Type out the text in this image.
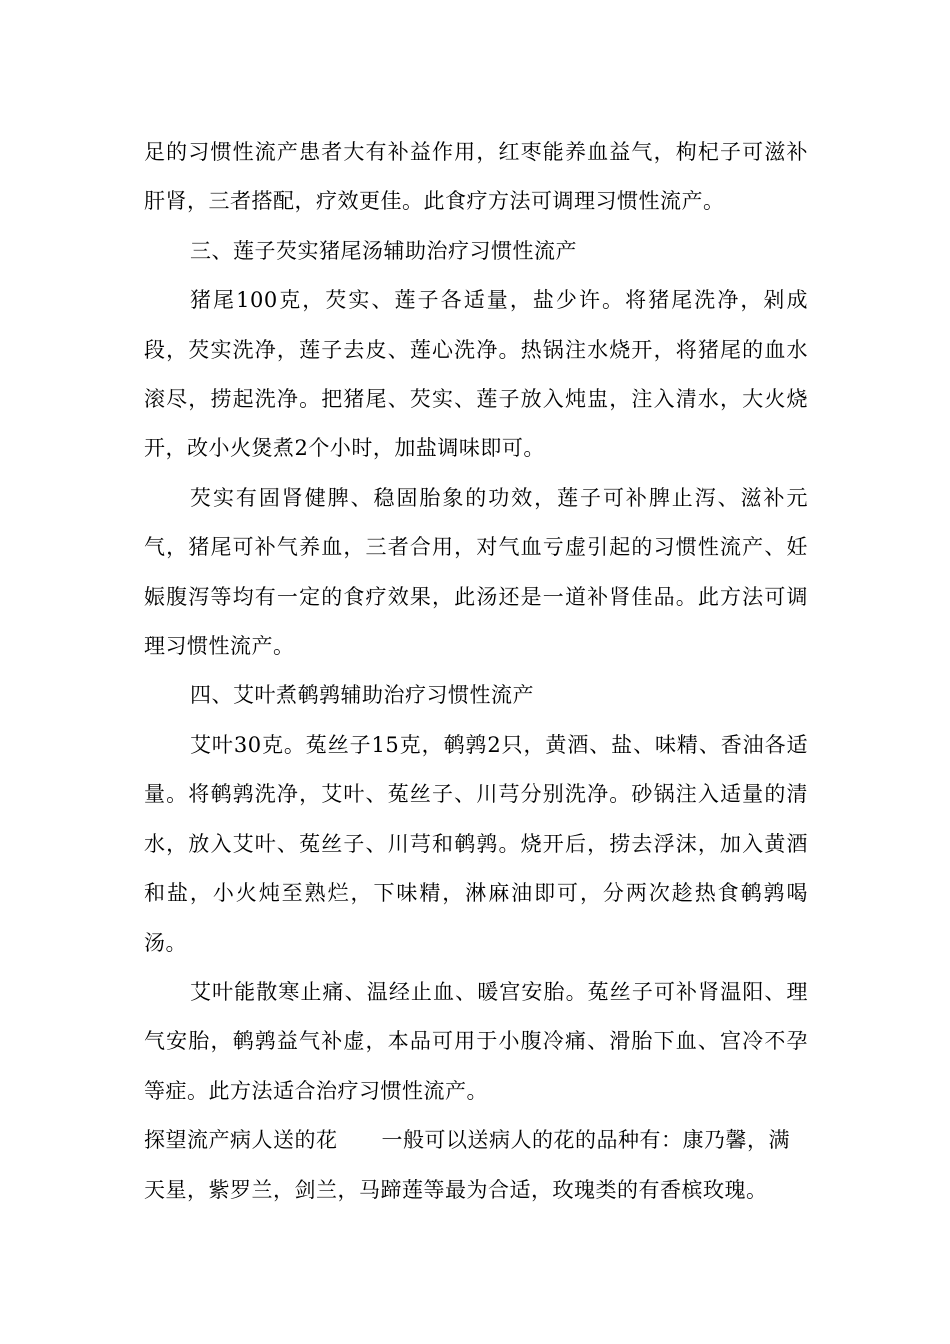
足的习惯性流产患者大有补益作用，红枣能养血益气，枸杞子可滋补肝肾，三者搭配，疗效更佳。此食疗方法可调理习惯性流产。

三、莲子芡实猪尾汤辅助治疗习惯性流产

猪尾100克，芡实、莲子各适量，盐少许。将猪尾洗净，剁成段，芡实洗净，莲子去皮、莲心洗净。热锅注水烧开，将猪尾的血水滚尽，捞起洗净。把猪尾、芡实、莲子放入炖盅，注入清水，大火烧开，改小火煲煮2个小时，加盐调味即可。

芡实有固肾健脾、稳固胎象的功效，莲子可补脾止泻、滋补元气，猪尾可补气养血，三者合用，对气血亏虚引起的习惯性流产、妊娠腹泻等均有一定的食疗效果，此汤还是一道补肾佳品。此方法可调理习惯性流产。

四、艾叶煮鹌鹑辅助治疗习惯性流产

艾叶30克。菟丝子15克，鹌鹑2只，黄酒、盐、味精、香油各适量。将鹌鹑洗净，艾叶、菟丝子、川芎分别洗净。砂锅注入适量的清水，放入艾叶、菟丝子、川芎和鹌鹑。烧开后，捞去浮沫，加入黄酒和盐，小火炖至熟烂，下味精，淋麻油即可，分两次趁热食鹌鹑喝汤。

艾叶能散寒止痛、温经止血、暖宫安胎。菟丝子可补肾温阳、理气安胎，鹌鹑益气补虚，本品可用于小腹冷痛、滑胎下血、宫冷不孕等症。此方法适合治疗习惯性流产。

探望流产病人送的花 一般可以送病人的花的品种有：康乃馨，满天星，紫罗兰，剑兰，马蹄莲等最为合适，玫瑰类的有香槟玫瑰。
